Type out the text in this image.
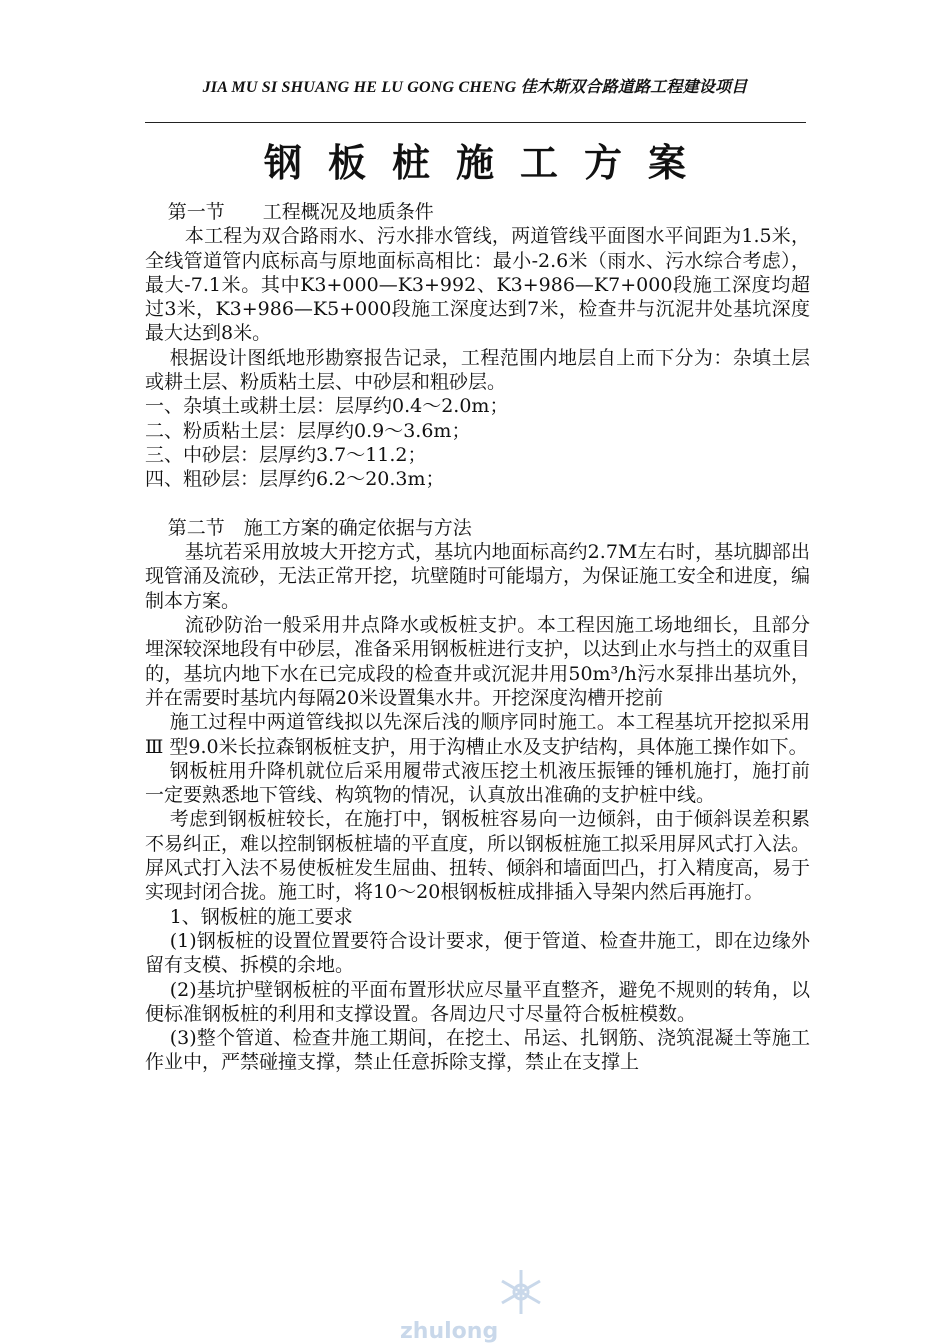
JIA MU SI SHUANG HE LU GONG CHENG 佳木斯双合路道路工程建设项目
钢板桩施工方案

第一节　　工程概况及地质条件

本工程为双合路雨水、污水排水管线，两道管线平面图水平间距为1.5米，全线管道管内底标高与原地面标高相比：最小-2.6米（雨水、污水综合考虑），最大-7.1米。其中K3+000—K3+992、K3+986—K7+000段施工深度均超过3米，K3+986—K5+000段施工深度达到7米，检查井与沉泥井处基坑深度最大达到8米。

根据设计图纸地形勘察报告记录，工程范围内地层自上而下分为：杂填土层或耕土层、粉质粘土层、中砂层和粗砂层。

一、杂填土或耕土层：层厚约0.4～2.0m；

二、粉质粘土层：层厚约0.9～3.6m；

三、中砂层：层厚约3.7～11.2；

四、粗砂层：层厚约6.2～20.3m；

第二节　施工方案的确定依据与方法

基坑若采用放坡大开挖方式，基坑内地面标高约2.7M左右时，基坑脚部出现管涌及流砂，无法正常开挖，坑壁随时可能塌方，为保证施工安全和进度，编制本方案。

流砂防治一般采用井点降水或板桩支护。本工程因施工场地细长，且部分埋深较深地段有中砂层，准备采用钢板桩进行支护，以达到止水与挡土的双重目的，基坑内地下水在已完成段的检查井或沉泥井用50m³/h污水泵排出基坑外，并在需要时基坑内每隔20米设置集水井。开挖深度沟槽开挖前

施工过程中两道管线拟以先深后浅的顺序同时施工。本工程基坑开挖拟采用Ⅲ 型9.0米长拉森钢板桩支护，用于沟槽止水及支护结构，具体施工操作如下。

钢板桩用升降机就位后采用履带式液压挖土机液压振锤的锤机施打，施打前一定要熟悉地下管线、构筑物的情况，认真放出准确的支护桩中线。

考虑到钢板桩较长，在施打中，钢板桩容易向一边倾斜，由于倾斜误差积累不易纠正，难以控制钢板桩墙的平直度，所以钢板桩施工拟采用屏风式打入法。屏风式打入法不易使板桩发生屈曲、扭转、倾斜和墙面凹凸，打入精度高，易于实现封闭合拢。施工时，将10～20根钢板桩成排插入导架内然后再施打。

1、钢板桩的施工要求

(1)钢板桩的设置位置要符合设计要求，便于管道、检查井施工，即在边缘外留有支模、拆模的余地。

(2)基坑护壁钢板桩的平面布置形状应尽量平直整齐，避免不规则的转角，以便标准钢板桩的利用和支撑设置。各周边尺寸尽量符合板桩模数。

(3)整个管道、检查井施工期间，在挖土、吊运、扎钢筋、浇筑混凝土等施工作业中，严禁碰撞支撑，禁止任意拆除支撑，禁止在支撑上

zhulong
